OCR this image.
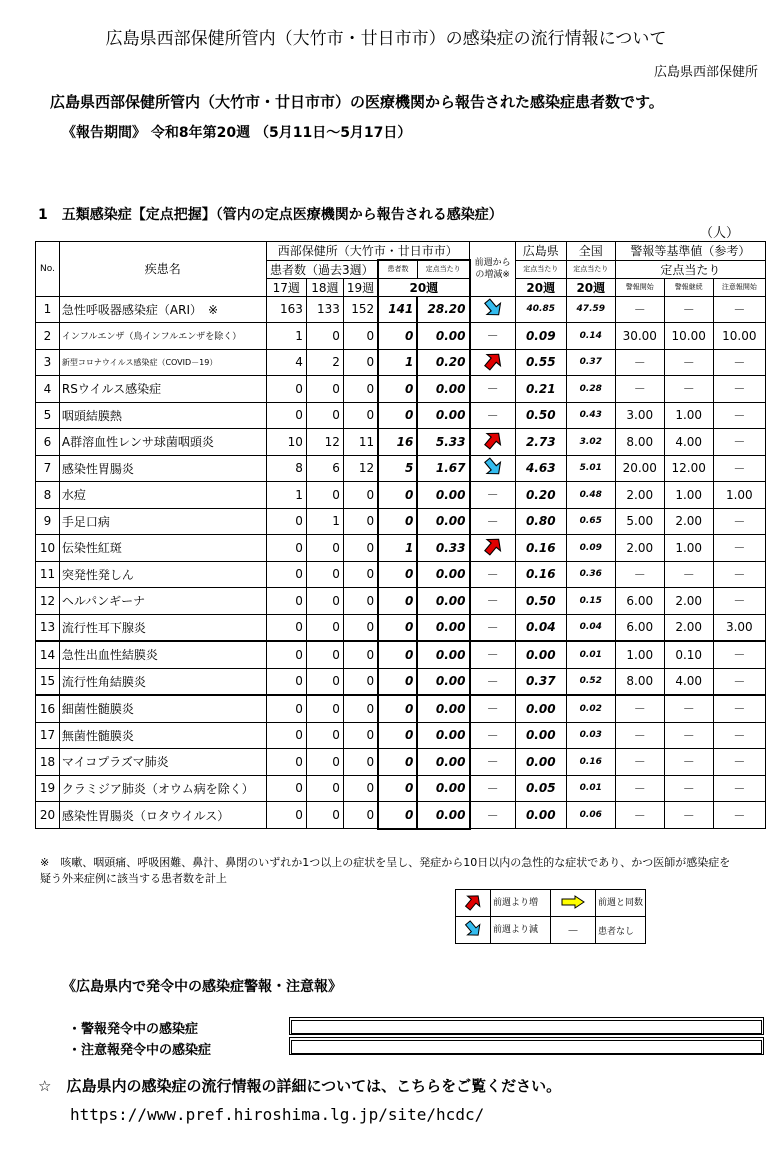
広島県西部保健所管内（大竹市・廿日市市）の感染症の流行情報について
広島県西部保健所
広島県西部保健所管内（大竹市・廿日市市）の医療機関から報告された感染症患者数です。
《報告期間》 令和8年第20週 （5月11日～5月17日）
1　五類感染症【定点把握】（管内の定点医療機関から報告される感染症）
（人）
No.	疾患名	西部保健所（大竹市・廿日市市）					前週からの増減※	広島県	全国	警報等基準値（参考）		
		患者数（過去3週）			患者数	定点当たり		定点当たり	定点当たり	定点当たり		
		17週	18週	19週	20週			20週	20週	警報開始	警報継続	注意報開始
1	急性呼吸器感染症（ARI）　※	163	133	152	141	28.20		40.85	47.59	－	－	－
2	インフルエンザ（鳥インフルエンザを除く）	1	0	0	0	0.00	－	0.09	0.14	30.00	10.00	10.00
3	新型コロナウイルス感染症（COVID－19）	4	2	0	1	0.20		0.55	0.37	－	－	－
4	RSウイルス感染症	0	0	0	0	0.00	－	0.21	0.28	－	－	－
5	咽頭結膜熱	0	0	0	0	0.00	－	0.50	0.43	3.00	1.00	－
6	A群溶血性レンサ球菌咽頭炎	10	12	11	16	5.33		2.73	3.02	8.00	4.00	－
7	感染性胃腸炎	8	6	12	5	1.67		4.63	5.01	20.00	12.00	－
8	水痘	1	0	0	0	0.00	－	0.20	0.48	2.00	1.00	1.00
9	手足口病	0	1	0	0	0.00	－	0.80	0.65	5.00	2.00	－
10	伝染性紅斑	0	0	0	1	0.33		0.16	0.09	2.00	1.00	－
11	突発性発しん	0	0	0	0	0.00	－	0.16	0.36	－	－	－
12	ヘルパンギーナ	0	0	0	0	0.00	－	0.50	0.15	6.00	2.00	－
13	流行性耳下腺炎	0	0	0	0	0.00	－	0.04	0.04	6.00	2.00	3.00
14	急性出血性結膜炎	0	0	0	0	0.00	－	0.00	0.01	1.00	0.10	－
15	流行性角結膜炎	0	0	0	0	0.00	－	0.37	0.52	8.00	4.00	－
16	細菌性髄膜炎	0	0	0	0	0.00	－	0.00	0.02	－	－	－
17	無菌性髄膜炎	0	0	0	0	0.00	－	0.00	0.03	－	－	－
18	マイコプラズマ肺炎	0	0	0	0	0.00	－	0.00	0.16	－	－	－
19	クラミジア肺炎（オウム病を除く）	0	0	0	0	0.00	－	0.05	0.01	－	－	－
20	感染性胃腸炎（ロタウイルス）	0	0	0	0	0.00	－	0.00	0.06	－	－	－
※　咳嗽、咽頭痛、呼吸困難、鼻汁、鼻閉のいずれか1つ以上の症状を呈し、発症から10日以内の急性的な症状であり、かつ医師が感染症を疑う外来症例に該当する患者数を計上
	前週より増		前週と同数
	前週より減	－	患者なし
《広島県内で発令中の感染症警報・注意報》
・警報発令中の感染症
・注意報発令中の感染症
☆　広島県内の感染症の流行情報の詳細については、こちらをご覧ください。
https://www.pref.hiroshima.lg.jp/site/hcdc/
